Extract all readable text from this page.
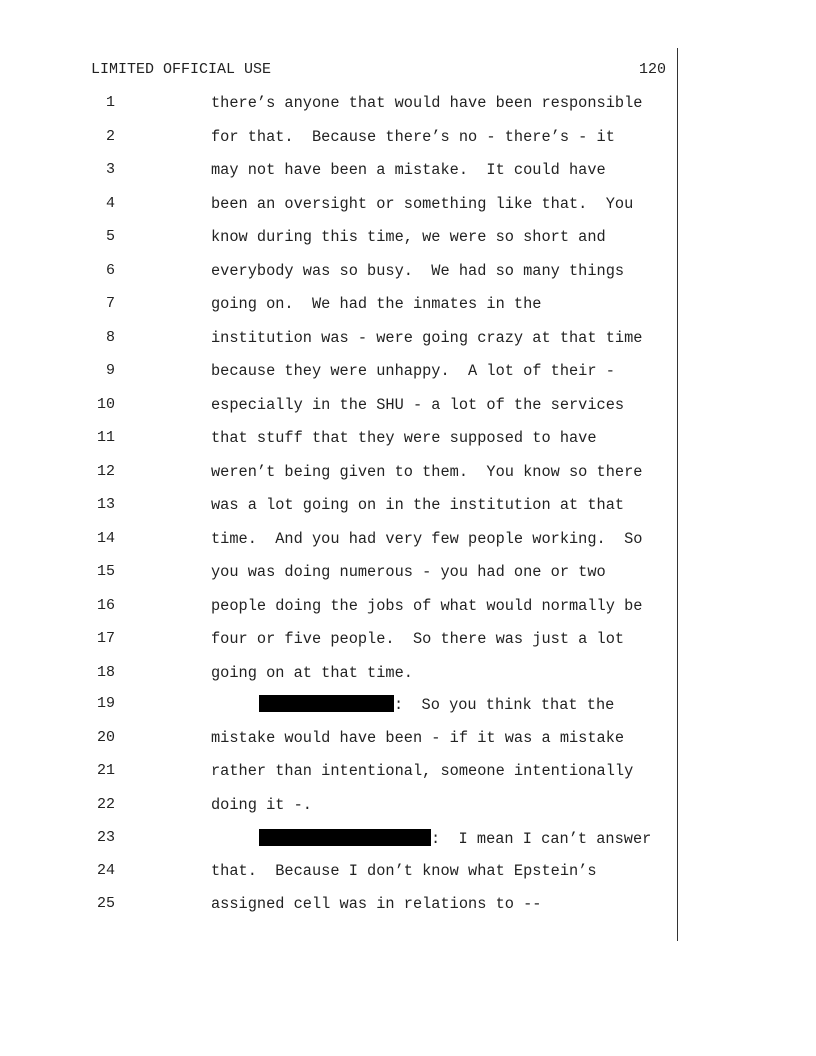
LIMITED OFFICIAL USE	120
1	there’s anyone that would have been responsible
2	for that.  Because there’s no - there’s - it
3	may not have been a mistake.  It could have
4	been an oversight or something like that.  You
5	know during this time, we were so short and
6	everybody was so busy.  We had so many things
7	going on.  We had the inmates in the
8	institution was - were going crazy at that time
9	because they were unhappy.  A lot of their -
10	especially in the SHU - a lot of the services
11	that stuff that they were supposed to have
12	weren’t being given to them.  You know so there
13	was a lot going on in the institution at that
14	time.  And you had very few people working.  So
15	you was doing numerous - you had one or two
16	people doing the jobs of what would normally be
17	four or five people.  So there was just a lot
18	going on at that time.
19	:  So you think that the
20	mistake would have been - if it was a mistake
21	rather than intentional, someone intentionally
22	doing it -.
23	:  I mean I can’t answer
24	that.  Because I don’t know what Epstein’s
25	assigned cell was in relations to --
